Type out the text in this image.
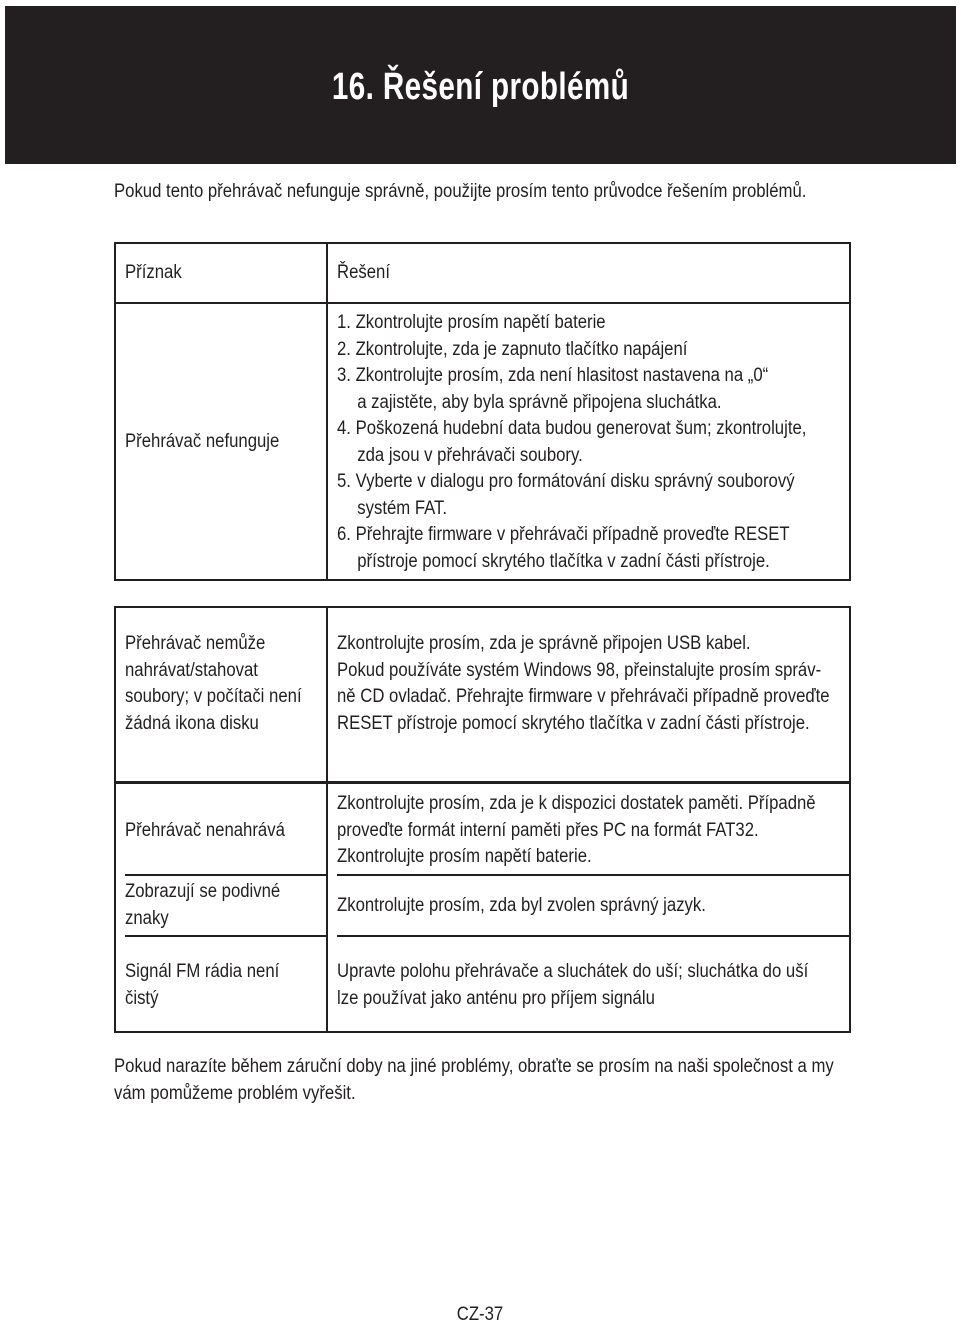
16. Řešení problémů
Pokud tento přehrávač nefunguje správně, použijte prosím tento průvodce řešením problémů.
Příznak	Řešení
Přehrávač nefunguje
1. Zkontrolujte prosím napětí baterie
2. Zkontrolujte, zda je zapnuto tlačítko napájení
3. Zkontrolujte prosím, zda není hlasitost nastavena na „0“
a zajistěte, aby byla správně připojena sluchátka.
4. Poškozená hudební data budou generovat šum; zkontrolujte,
zda jsou v přehrávači soubory.
5. Vyberte v dialogu pro formátování disku správný souborový
systém FAT.
6. Přehrajte firmware v přehrávači případně proveďte RESET
přístroje pomocí skrytého tlačítka v zadní části přístroje.
Přehrávač nemůže
nahrávat/stahovat
soubory; v počítači není
žádná ikona disku
Zkontrolujte prosím, zda je správně připojen USB kabel.
Pokud používáte systém Windows 98, přeinstalujte prosím správ-
ně CD ovladač. Přehrajte firmware v přehrávači případně proveďte
RESET přístroje pomocí skrytého tlačítka v zadní části přístroje.
Přehrávač nenahrává
Zkontrolujte prosím, zda je k dispozici dostatek paměti. Případně
proveďte formát interní paměti přes PC na formát FAT32.
Zkontrolujte prosím napětí baterie.
Zobrazují se podivné
znaky
Zkontrolujte prosím, zda byl zvolen správný jazyk.
Signál FM rádia není
čistý
Upravte polohu přehrávače a sluchátek do uší; sluchátka do uší
lze používat jako anténu pro příjem signálu
Pokud narazíte během záruční doby na jiné problémy, obraťte se prosím na naši společnost a my
vám pomůžeme problém vyřešit.
CZ-37
